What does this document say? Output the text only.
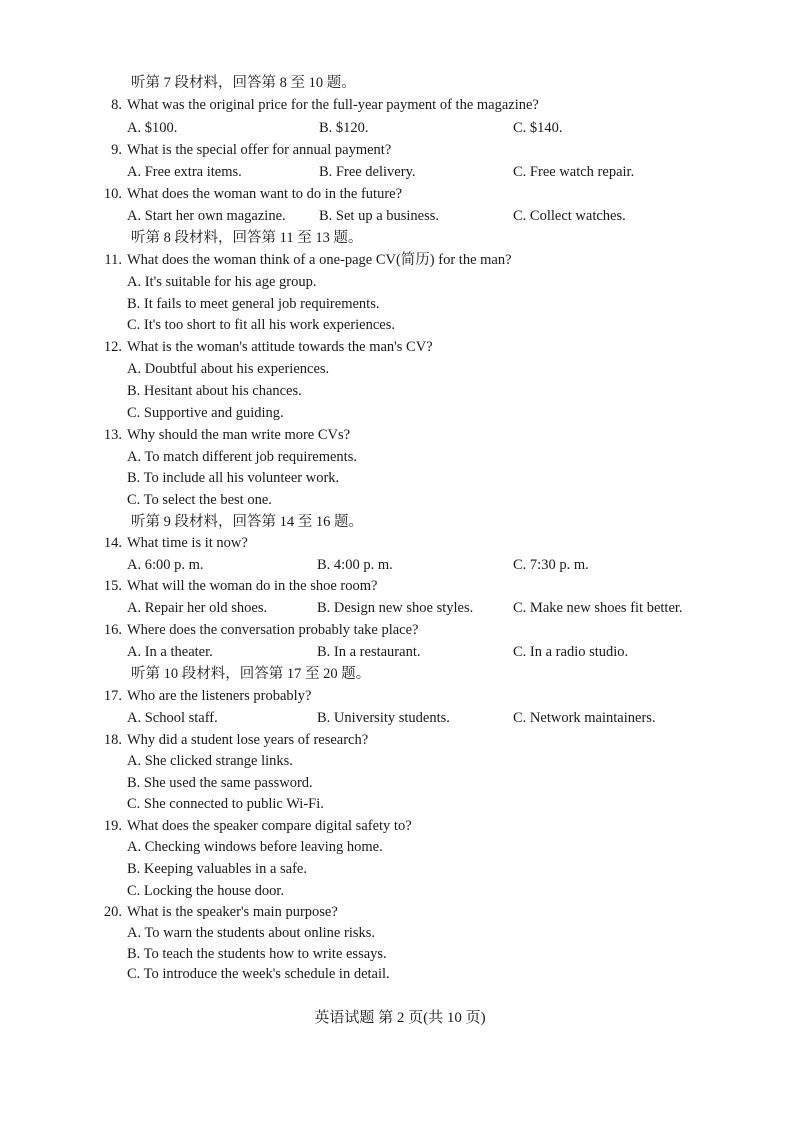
听第 7 段材料，回答第 8 至 10 题。
8. What was the original price for the full-year payment of the magazine?
A. $100.	B. $120.	C. $140.
9. What is the special offer for annual payment?
A. Free extra items.	B. Free delivery.	C. Free watch repair.
10. What does the woman want to do in the future?
A. Start her own magazine. B. Set up a business.	C. Collect watches.
听第 8 段材料，回答第 11 至 13 题。
11. What does the woman think of a one-page CV(简历) for the man?
A. It's suitable for his age group.
B. It fails to meet general job requirements.
C. It's too short to fit all his work experiences.
12. What is the woman's attitude towards the man's CV?
A. Doubtful about his experiences.
B. Hesitant about his chances.
C. Supportive and guiding.
13. Why should the man write more CVs?
A. To match different job requirements.
B. To include all his volunteer work.
C. To select the best one.
听第 9 段材料，回答第 14 至 16 题。
14. What time is it now?
A. 6:00 p. m.	B. 4:00 p. m.	C. 7:30 p. m.
15. What will the woman do in the shoe room?
A. Repair her old shoes.	B. Design new shoe styles.	C. Make new shoes fit better.
16. Where does the conversation probably take place?
A. In a theater.	B. In a restaurant.	C. In a radio studio.
听第 10 段材料，回答第 17 至 20 题。
17. Who are the listeners probably?
A. School staff.	B. University students.	C. Network maintainers.
18. Why did a student lose years of research?
A. She clicked strange links.
B. She used the same password.
C. She connected to public Wi-Fi.
19. What does the speaker compare digital safety to?
A. Checking windows before leaving home.
B. Keeping valuables in a safe.
C. Locking the house door.
20. What is the speaker's main purpose?
A. To warn the students about online risks.
B. To teach the students how to write essays.
C. To introduce the week's schedule in detail.
英语试题 第 2 页(共 10 页)
